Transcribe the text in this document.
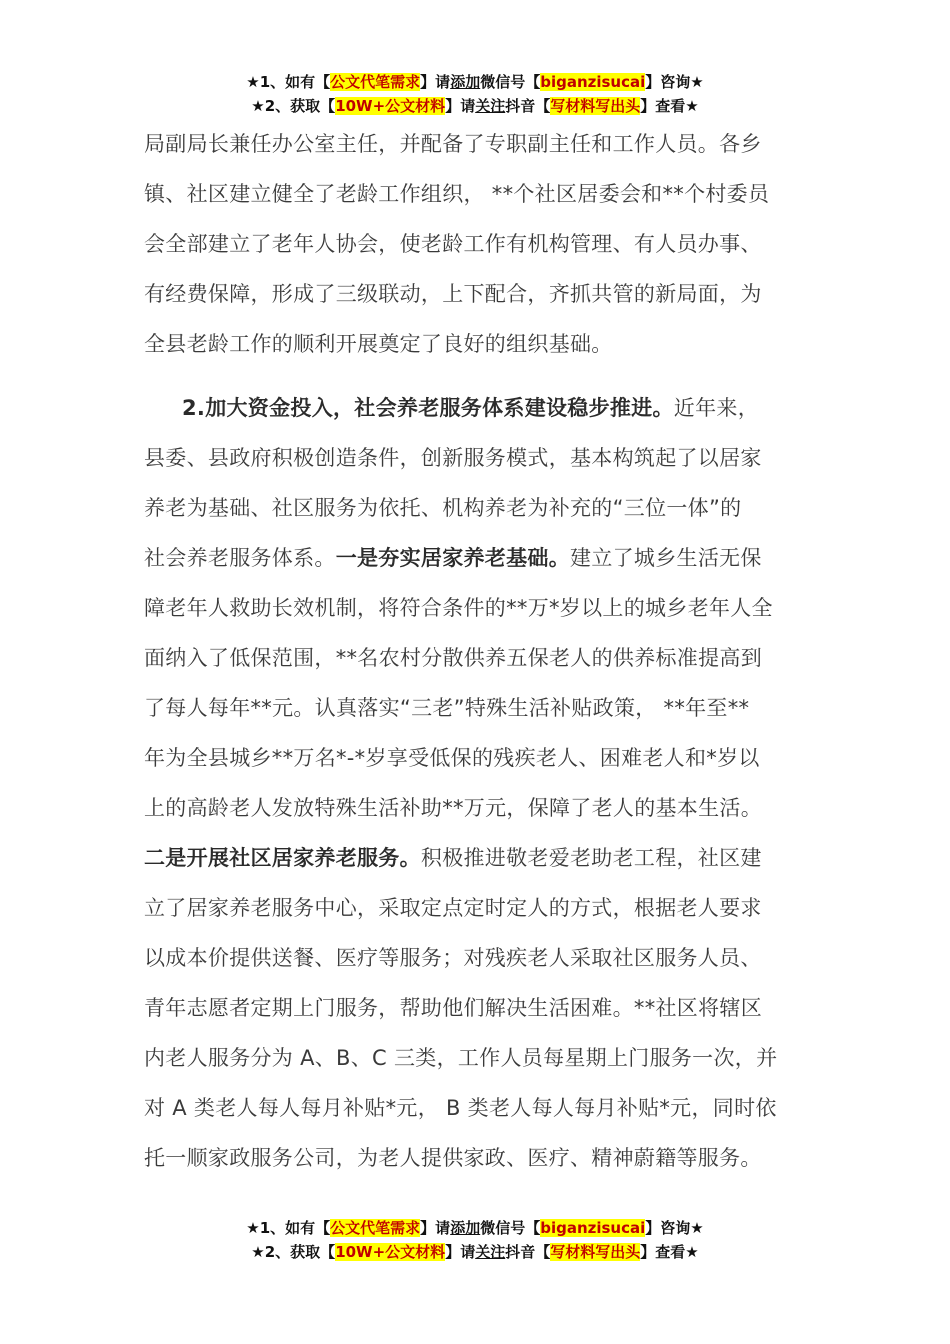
★1、如有【公文代笔需求】请添加微信号【biganzisucai】咨询★
★2、获取【10W+公文材料】请关注抖音【写材料写出头】查看★
局副局长兼任办公室主任，并配备了专职副主任和工作人员。各乡
镇、社区建立健全了老龄工作组织， **个社区居委会和**个村委员
会全部建立了老年人协会，使老龄工作有机构管理、有人员办事、
有经费保障，形成了三级联动，上下配合，齐抓共管的新局面，为
全县老龄工作的顺利开展奠定了良好的组织基础。
2.加大资金投入，社会养老服务体系建设稳步推进。近年来，
县委、县政府积极创造条件，创新服务模式，基本构筑起了以居家
养老为基础、社区服务为依托、机构养老为补充的“三位一体”的
社会养老服务体系。一是夯实居家养老基础。建立了城乡生活无保
障老年人救助长效机制，将符合条件的**万*岁以上的城乡老年人全
面纳入了低保范围，**名农村分散供养五保老人的供养标准提高到
了每人每年**元。认真落实“三老”特殊生活补贴政策， **年至**
年为全县城乡**万名*-*岁享受低保的残疾老人、困难老人和*岁以
上的高龄老人发放特殊生活补助**万元，保障了老人的基本生活。
二是开展社区居家养老服务。积极推进敬老爱老助老工程，社区建
立了居家养老服务中心，采取定点定时定人的方式，根据老人要求
以成本价提供送餐、医疗等服务；对残疾老人采取社区服务人员、
青年志愿者定期上门服务，帮助他们解决生活困难。**社区将辖区
内老人服务分为 A、B、C 三类，工作人员每星期上门服务一次，并
对 A 类老人每人每月补贴*元， B 类老人每人每月补贴*元，同时依
托一顺家政服务公司，为老人提供家政、医疗、精神蔚籍等服务。
★1、如有【公文代笔需求】请添加微信号【biganzisucai】咨询★
★2、获取【10W+公文材料】请关注抖音【写材料写出头】查看★
